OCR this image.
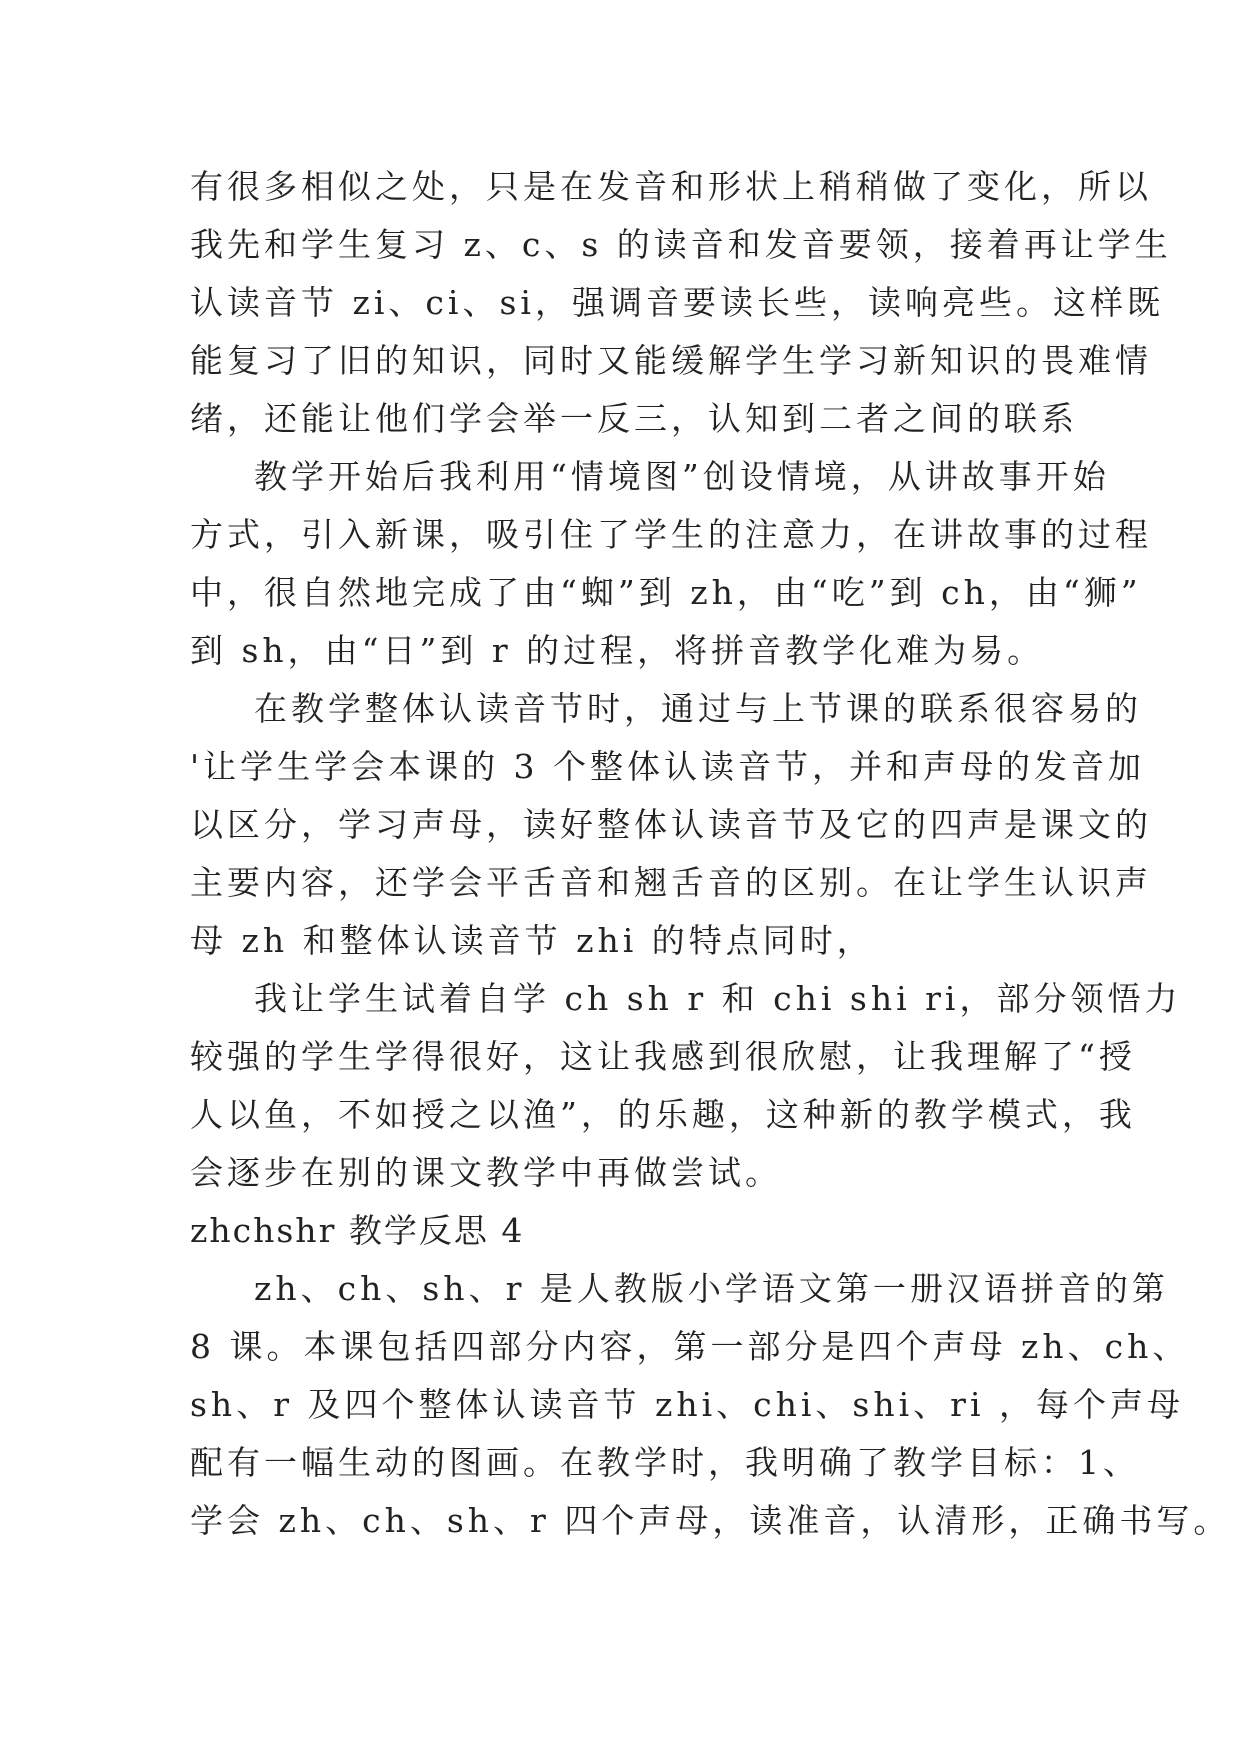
有很多相似之处，只是在发音和形状上稍稍做了变化，所以
我先和学生复习 z、c、s 的读音和发音要领，接着再让学生
认读音节 zi、ci、si，强调音要读长些，读响亮些。这样既
能复习了旧的知识，同时又能缓解学生学习新知识的畏难情
绪，还能让他们学会举一反三，认知到二者之间的联系
教学开始后我利用“情境图”创设情境，从讲故事开始
方式，引入新课，吸引住了学生的注意力，在讲故事的过程
中，很自然地完成了由“蜘”到 zh，由“吃”到 ch，由“狮”
到 sh，由“日”到 r 的过程，将拼音教学化难为易。
在教学整体认读音节时，通过与上节课的联系很容易的
'让学生学会本课的 3 个整体认读音节，并和声母的发音加
以区分，学习声母，读好整体认读音节及它的四声是课文的
主要内容，还学会平舌音和翘舌音的区别。在让学生认识声
母 zh 和整体认读音节 zhi 的特点同时，
我让学生试着自学 ch sh r 和 chi shi ri，部分领悟力
较强的学生学得很好，这让我感到很欣慰，让我理解了“授
人以鱼，不如授之以渔”，的乐趣，这种新的教学模式，我
会逐步在别的课文教学中再做尝试。
zhchshr 教学反思 4
zh、ch、sh、r 是人教版小学语文第一册汉语拼音的第
8 课。本课包括四部分内容，第一部分是四个声母 zh、ch、
sh、r 及四个整体认读音节 zhi、chi、shi、ri ，每个声母
配有一幅生动的图画。在教学时，我明确了教学目标：1、
学会 zh、ch、sh、r 四个声母，读准音，认清形，正确书写。
